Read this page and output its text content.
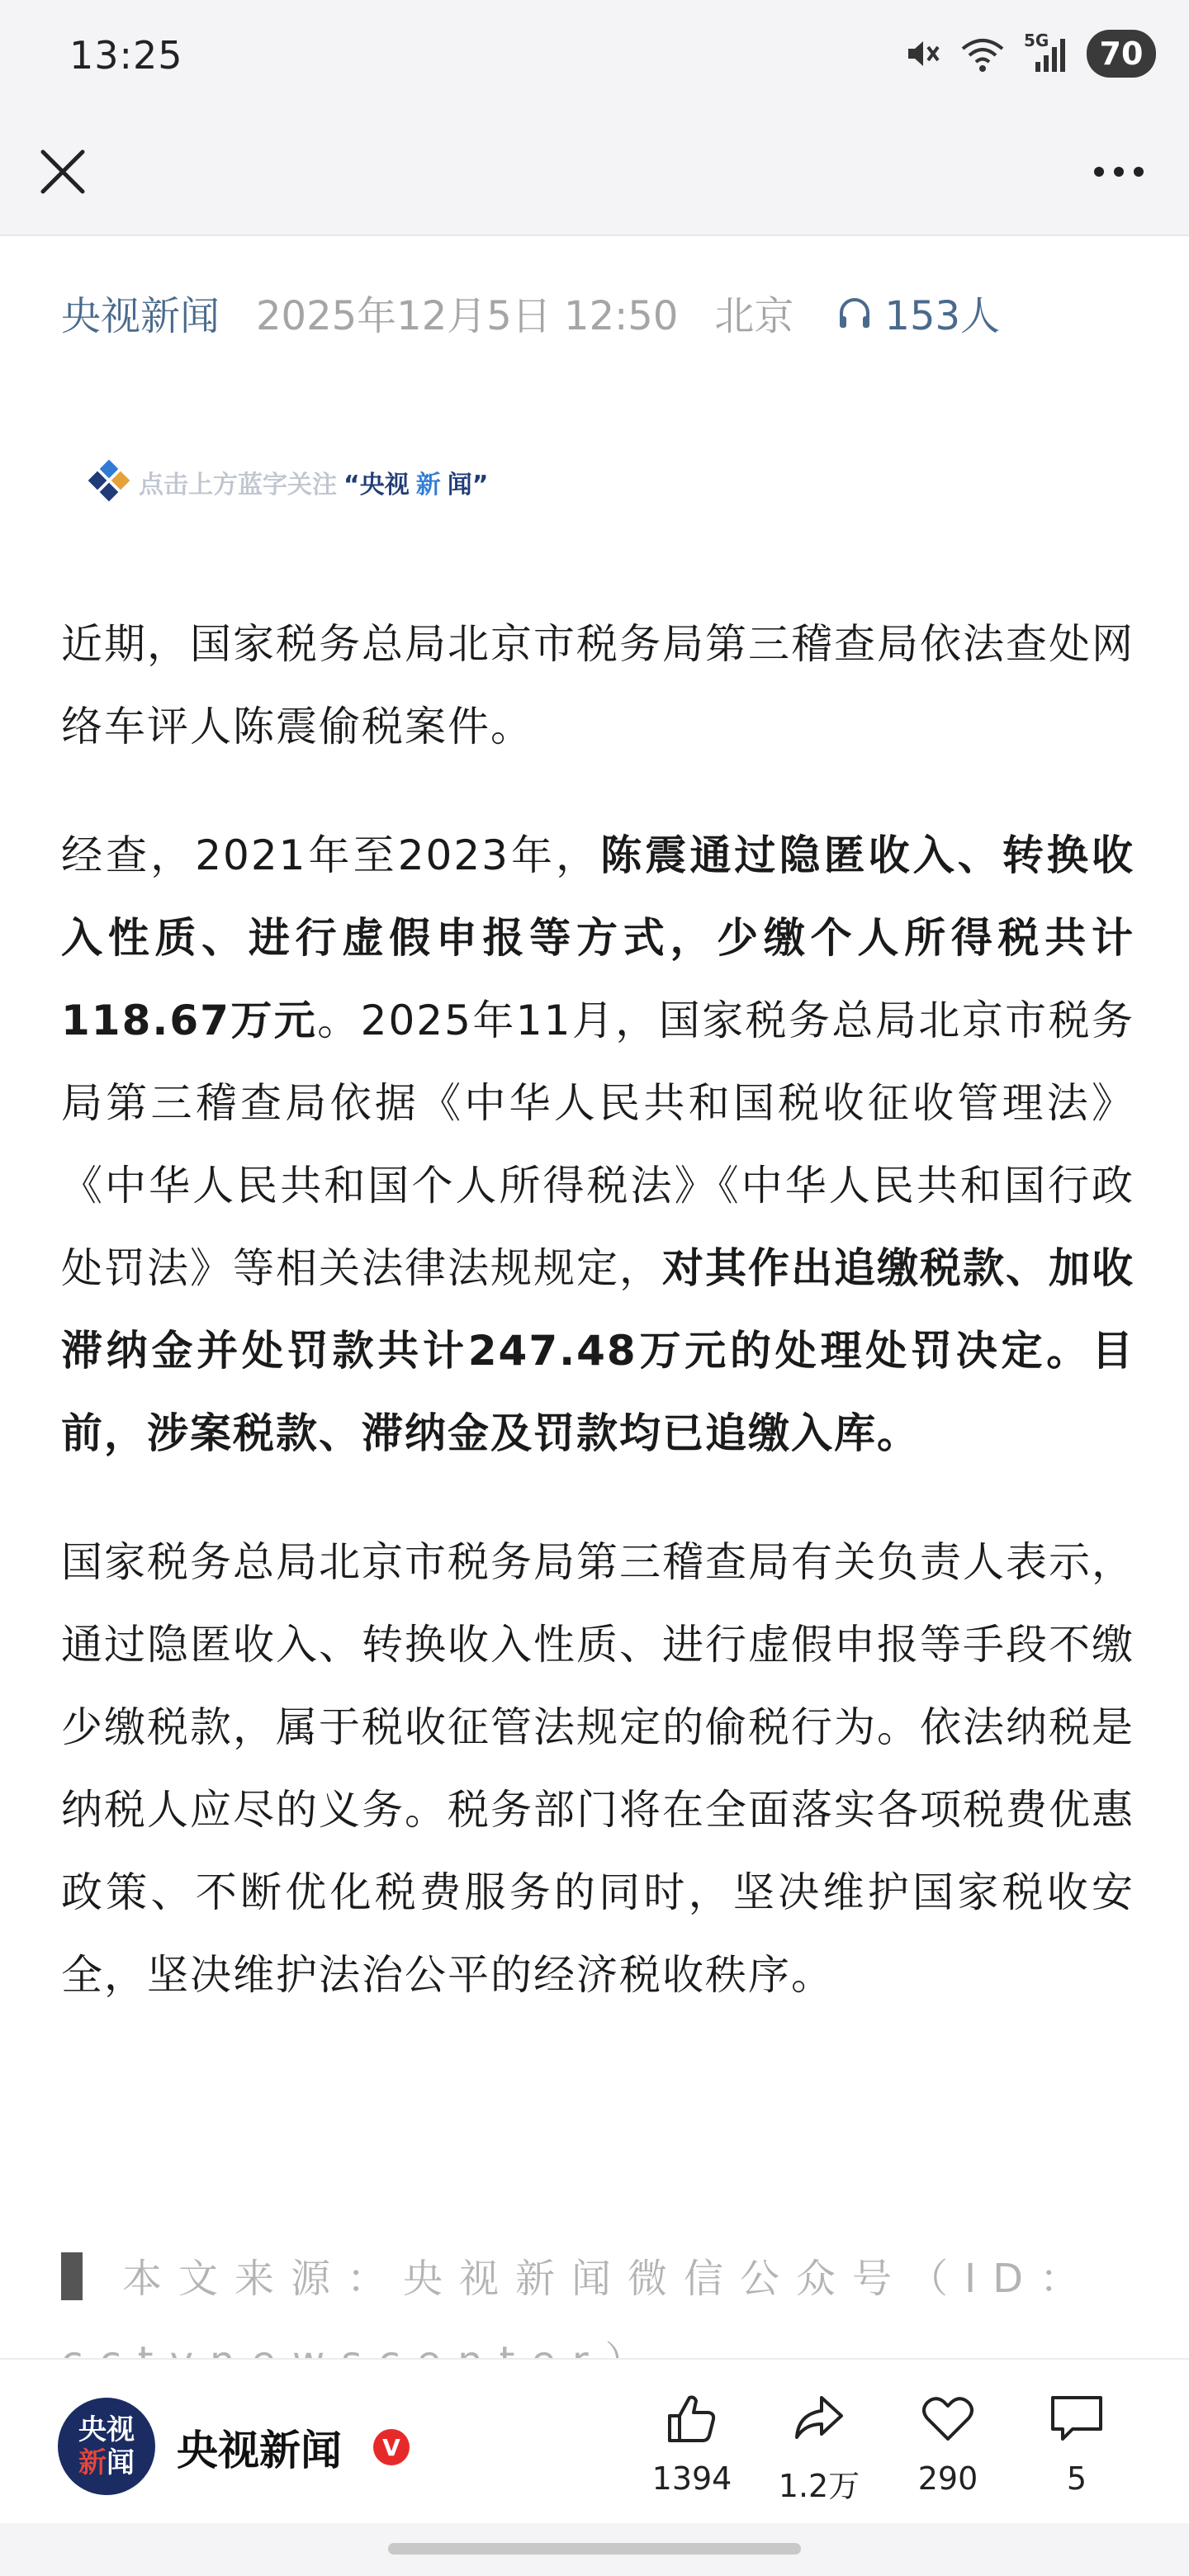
13:25	5G	70
央视新闻 2025年12月5日 12:50 北京 153人
点击上方蓝字关注 “央视 新 闻”

近期，国家税务总局北京市税务局第三稽查局依法查处网络车评人陈震偷税案件。

经查，2021年至2023年，陈震通过隐匿收入、转换收入性质、进行虚假申报等方式，少缴个人所得税共计118.67万元。2025年11月，国家税务总局北京市税务局第三稽查局依据《中华人民共和国税收征收管理法》《中华人民共和国个人所得税法》《中华人民共和国行政处罚法》等相关法律法规规定，对其作出追缴税款、加收滞纳金并处罚款共计247.48万元的处理处罚决定。目前，涉案税款、滞纳金及罚款均已追缴入库。

国家税务总局北京市税务局第三稽查局有关负责人表示，通过隐匿收入、转换收入性质、进行虚假申报等手段不缴少缴税款，属于税收征管法规定的偷税行为。依法纳税是纳税人应尽的义务。税务部门将在全面落实各项税费优惠政策、不断优化税费服务的同时，坚决维护国家税收安全，坚决维护法治公平的经济税收秩序。

本文来源：央视新闻微信公众号（ID：
央视
新闻 央视新闻	V
1394 1.2万 290	5
